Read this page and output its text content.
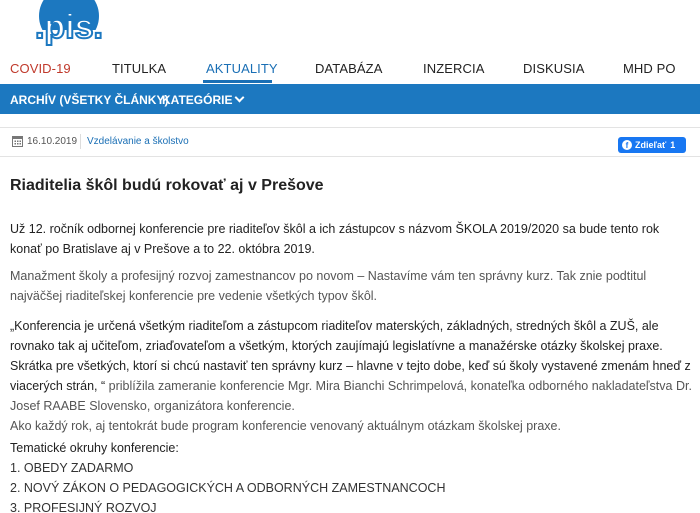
.pis.
COVID-19	TITULKA	AKTUALITY	DATABÁZA	INZERCIA	DISKUSIA	MHD PO
ARCHÍV (VŠETKY ČLÁNKY)
KATEGÓRIE
16.10.2019 Vzdelávanie a školstvo	f Zdieľať 1
Riaditelia škôl budú rokovať aj v Prešove

Už 12. ročník odbornej konferencie pre riaditeľov škôl a ich zástupcov s názvom ŠKOLA 2019/2020 sa bude tento rok konať po Bratislave aj v Prešove a to 22. októbra 2019.

Manažment školy a profesijný rozvoj zamestnancov po novom – Nastavíme vám ten správny kurz. Tak znie podtitul najväčšej riaditeľskej konferencie pre vedenie všetkých typov škôl.

„Konferencia je určená všetkým riaditeľom a zástupcom riaditeľov materských, základných, stredných škôl a ZUŠ, ale rovnako tak aj učiteľom, zriaďovateľom a všetkým, ktorých zaujímajú legislatívne a manažérske otázky školskej praxe. Skrátka pre všetkých, ktorí si chcú nastaviť ten správny kurz – hlavne v tejto dobe, keď sú školy vystavené zmenám hneď z viacerých strán, “ priblížila zameranie konferencie Mgr. Mira Bianchi Schrimpelová, konateľka odborného nakladateľstva Dr. Josef RAABE Slovensko, organizátora konferencie.
Ako každý rok, aj tentokrát bude program konferencie venovaný aktuálnym otázkam školskej praxe.
Tematické okruhy konferencie:
1. OBEDY ZADARMO
2. NOVÝ ZÁKON O PEDAGOGICKÝCH A ODBORNÝCH ZAMESTNANCOCH
3. PROFESIJNÝ ROZVOJ
